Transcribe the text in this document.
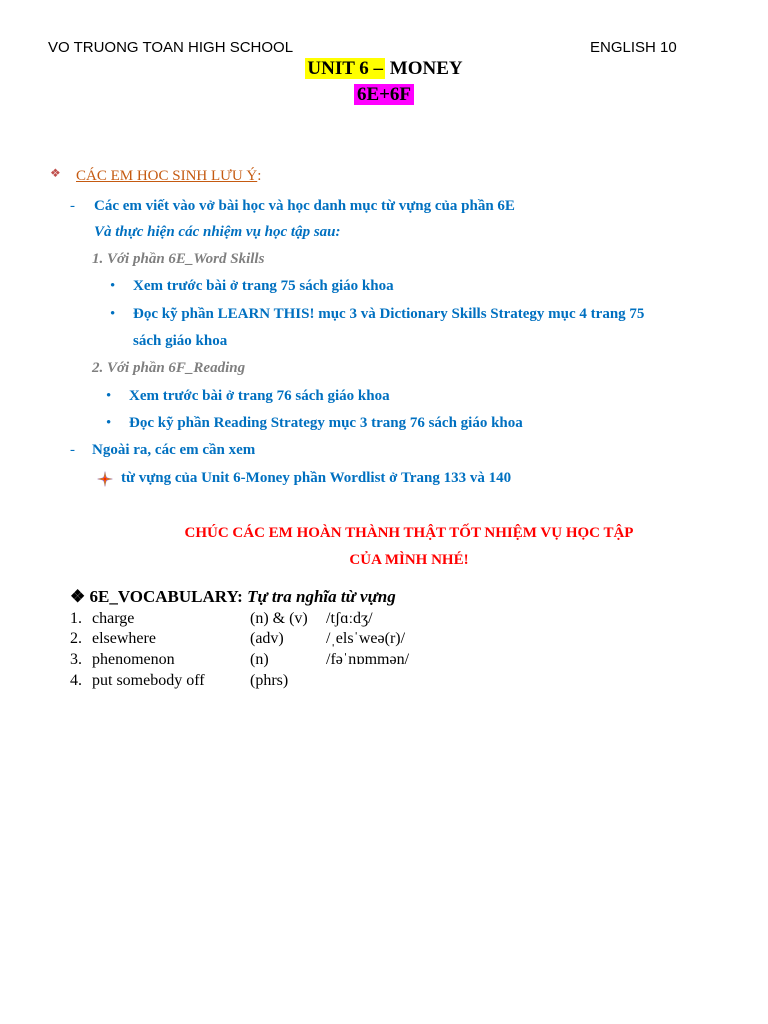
VO TRUONG TOAN HIGH SCHOOL	ENGLISH 10
UNIT 6 – MONEY
6E+6F
❖ CÁC EM HOC SINH LƯU Ý:
- Các em viết vào vở bài học và học danh mục từ vựng của phần 6E
Và thực hiện các nhiệm vụ học tập sau:
1. Với phần 6E_Word Skills
• Xem trước bài ở trang 75 sách giáo khoa
• Đọc kỹ phần LEARN THIS! mục 3 và Dictionary Skills Strategy mục 4 trang 75
sách giáo khoa
2. Với phần 6F_Reading
• Xem trước bài ở trang 76 sách giáo khoa
• Đọc kỹ phần Reading Strategy mục 3 trang 76 sách giáo khoa
- Ngoài ra, các em cần xem
từ vựng của Unit 6-Money phần Wordlist ở Trang 133 và 140
CHÚC CÁC EM HOÀN THÀNH THẬT TỐT NHIỆM VỤ HỌC TẬP
CỦA MÌNH NHÉ!
❖ 6E_VOCABULARY: Tự tra nghĩa từ vựng
1. charge	(n) & (v) /tʃɑːdʒ/
2. elsewhere	(adv)	/ˌelsˈweə(r)/
3. phenomenon	(n)	/fəˈnɒmmən/
4. put somebody off	(phrs)
